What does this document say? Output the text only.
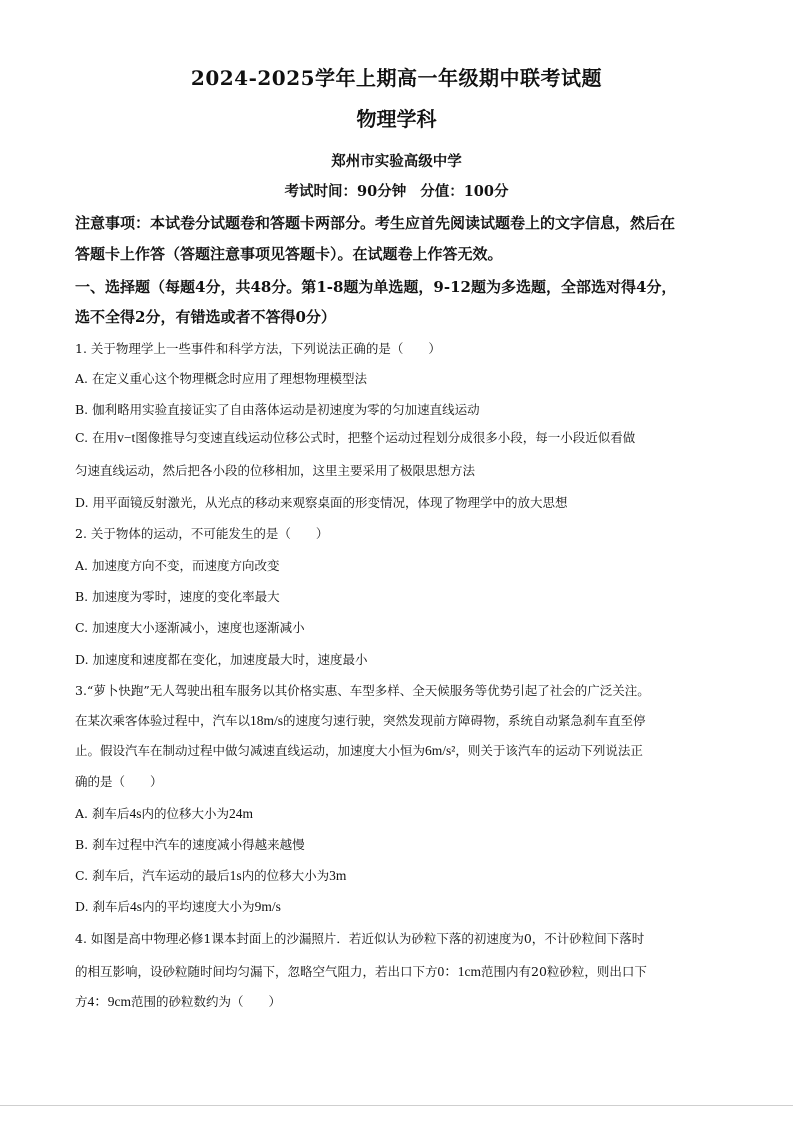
2024-2025学年上期高一年级期中联考试题
物理学科
郑州市实验高级中学
考试时间：90分钟 分值：100分
注意事项：本试卷分试题卷和答题卡两部分。考生应首先阅读试题卷上的文字信息，然后在
答题卡上作答（答题注意事项见答题卡）。在试题卷上作答无效。
一、选择题（每题4分，共48分。第1-8题为单选题，9-12题为多选题，全部选对得4分，
选不全得2分，有错选或者不答得0分）
1. 关于物理学上一些事件和科学方法，下列说法正确的是（　　）
A. 在定义重心这个物理概念时应用了理想物理模型法
B. 伽利略用实验直接证实了自由落体运动是初速度为零的匀加速直线运动
C. 在用v−t图像推导匀变速直线运动位移公式时，把整个运动过程划分成很多小段，每一小段近似看做
匀速直线运动，然后把各小段的位移相加，这里主要采用了极限思想方法
D. 用平面镜反射激光，从光点的移动来观察桌面的形变情况，体现了物理学中的放大思想
2. 关于物体的运动，不可能发生的是（　　）
A. 加速度方向不变，而速度方向改变
B. 加速度为零时，速度的变化率最大
C. 加速度大小逐渐减小，速度也逐渐减小
D. 加速度和速度都在变化，加速度最大时，速度最小
3.“萝卜快跑”无人驾驶出租车服务以其价格实惠、车型多样、全天候服务等优势引起了社会的广泛关注。
在某次乘客体验过程中，汽车以18m/s的速度匀速行驶，突然发现前方障碍物，系统自动紧急刹车直至停
止。假设汽车在制动过程中做匀减速直线运动，加速度大小恒为6m/s²，则关于该汽车的运动下列说法正
确的是（　　）
A. 刹车后4s内的位移大小为24m
B. 刹车过程中汽车的速度减小得越来越慢
C. 刹车后，汽车运动的最后1s内的位移大小为3m
D. 刹车后4s内的平均速度大小为9m/s
4. 如图是高中物理必修1课本封面上的沙漏照片．若近似认为砂粒下落的初速度为0，不计砂粒间下落时
的相互影响，设砂粒随时间均匀漏下，忽略空气阻力，若出口下方0：1cm范围内有20粒砂粒，则出口下
方4：9cm范围的砂粒数约为（　　）
